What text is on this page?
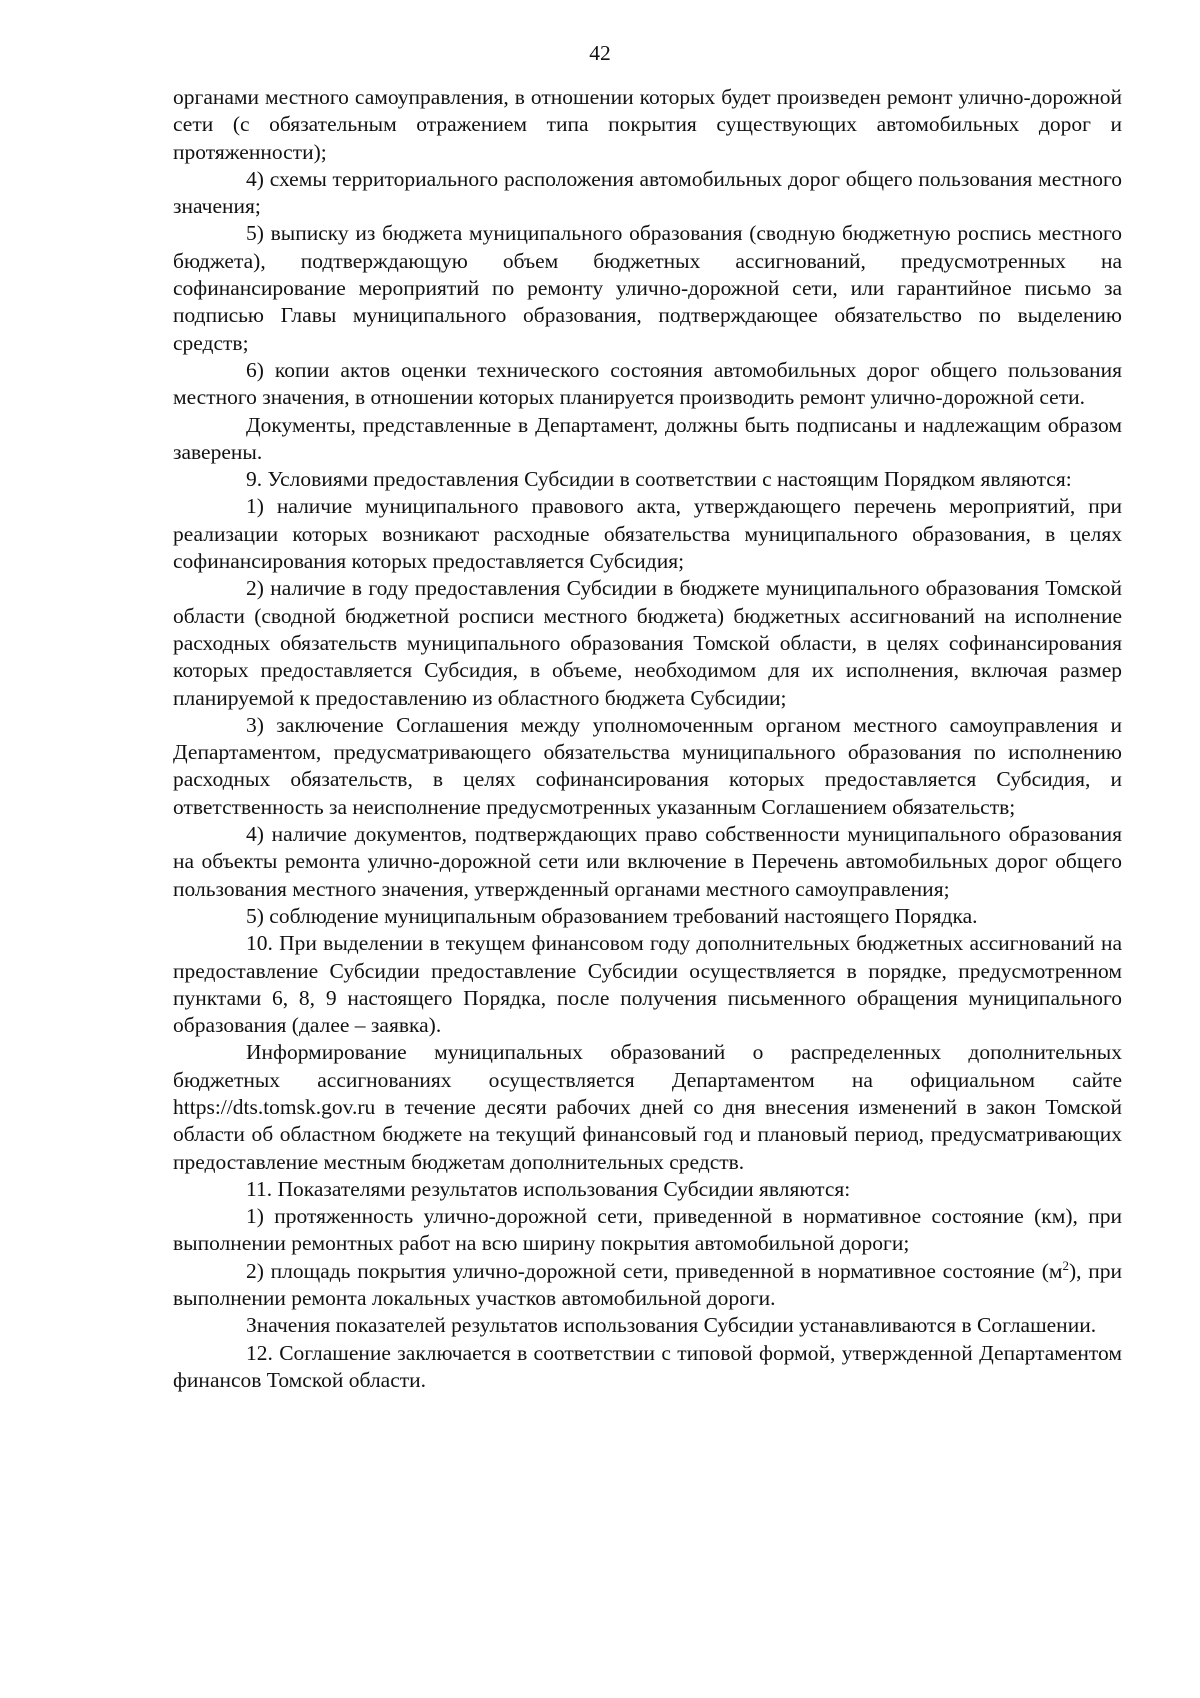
42

органами местного самоуправления, в отношении которых будет произведен ремонт улично-дорожной сети (с обязательным отражением типа покрытия существующих автомобильных дорог и протяженности);

4) схемы территориального расположения автомобильных дорог общего пользования местного значения;

5) выписку из бюджета муниципального образования (сводную бюджетную роспись местного бюджета), подтверждающую объем бюджетных ассигнований, предусмотренных на софинансирование мероприятий по ремонту улично-дорожной сети, или гарантийное письмо за подписью Главы муниципального образования, подтверждающее обязательство по выделению средств;

6) копии актов оценки технического состояния автомобильных дорог общего пользования местного значения, в отношении которых планируется производить ремонт улично-дорожной сети.

Документы, представленные в Департамент, должны быть подписаны и надлежащим образом заверены.

9. Условиями предоставления Субсидии в соответствии с настоящим Порядком являются:

1) наличие муниципального правового акта, утверждающего перечень мероприятий, при реализации которых возникают расходные обязательства муниципального образования, в целях софинансирования которых предоставляется Субсидия;

2) наличие в году предоставления Субсидии в бюджете муниципального образования Томской области (сводной бюджетной росписи местного бюджета) бюджетных ассигнований на исполнение расходных обязательств муниципального образования Томской области, в целях софинансирования которых предоставляется Субсидия, в объеме, необходимом для их исполнения, включая размер планируемой к предоставлению из областного бюджета Субсидии;

3) заключение Соглашения между уполномоченным органом местного самоуправления и Департаментом, предусматривающего обязательства муниципального образования по исполнению расходных обязательств, в целях софинансирования которых предоставляется Субсидия, и ответственность за неисполнение предусмотренных указанным Соглашением обязательств;

4) наличие документов, подтверждающих право собственности муниципального образования на объекты ремонта улично-дорожной сети или включение в Перечень автомобильных дорог общего пользования местного значения, утвержденный органами местного самоуправления;

5) соблюдение муниципальным образованием требований настоящего Порядка.

10. При выделении в текущем финансовом году дополнительных бюджетных ассигнований на предоставление Субсидии предоставление Субсидии осуществляется в порядке, предусмотренном пунктами 6, 8, 9 настоящего Порядка, после получения письменного обращения муниципального образования (далее – заявка).

Информирование муниципальных образований о распределенных дополнительных бюджетных ассигнованиях осуществляется Департаментом на официальном сайте https://dts.tomsk.gov.ru в течение десяти рабочих дней со дня внесения изменений в закон Томской области об областном бюджете на текущий финансовый год и плановый период, предусматривающих предоставление местным бюджетам дополнительных средств.

11. Показателями результатов использования Субсидии являются:

1) протяженность улично-дорожной сети, приведенной в нормативное состояние (км), при выполнении ремонтных работ на всю ширину покрытия автомобильной дороги;

2) площадь покрытия улично-дорожной сети, приведенной в нормативное состояние $(м^2)$, при выполнении ремонта локальных участков автомобильной дороги.

Значения показателей результатов использования Субсидии устанавливаются в Соглашении.

12. Соглашение заключается в соответствии с типовой формой, утвержденной Департаментом финансов Томской области.
